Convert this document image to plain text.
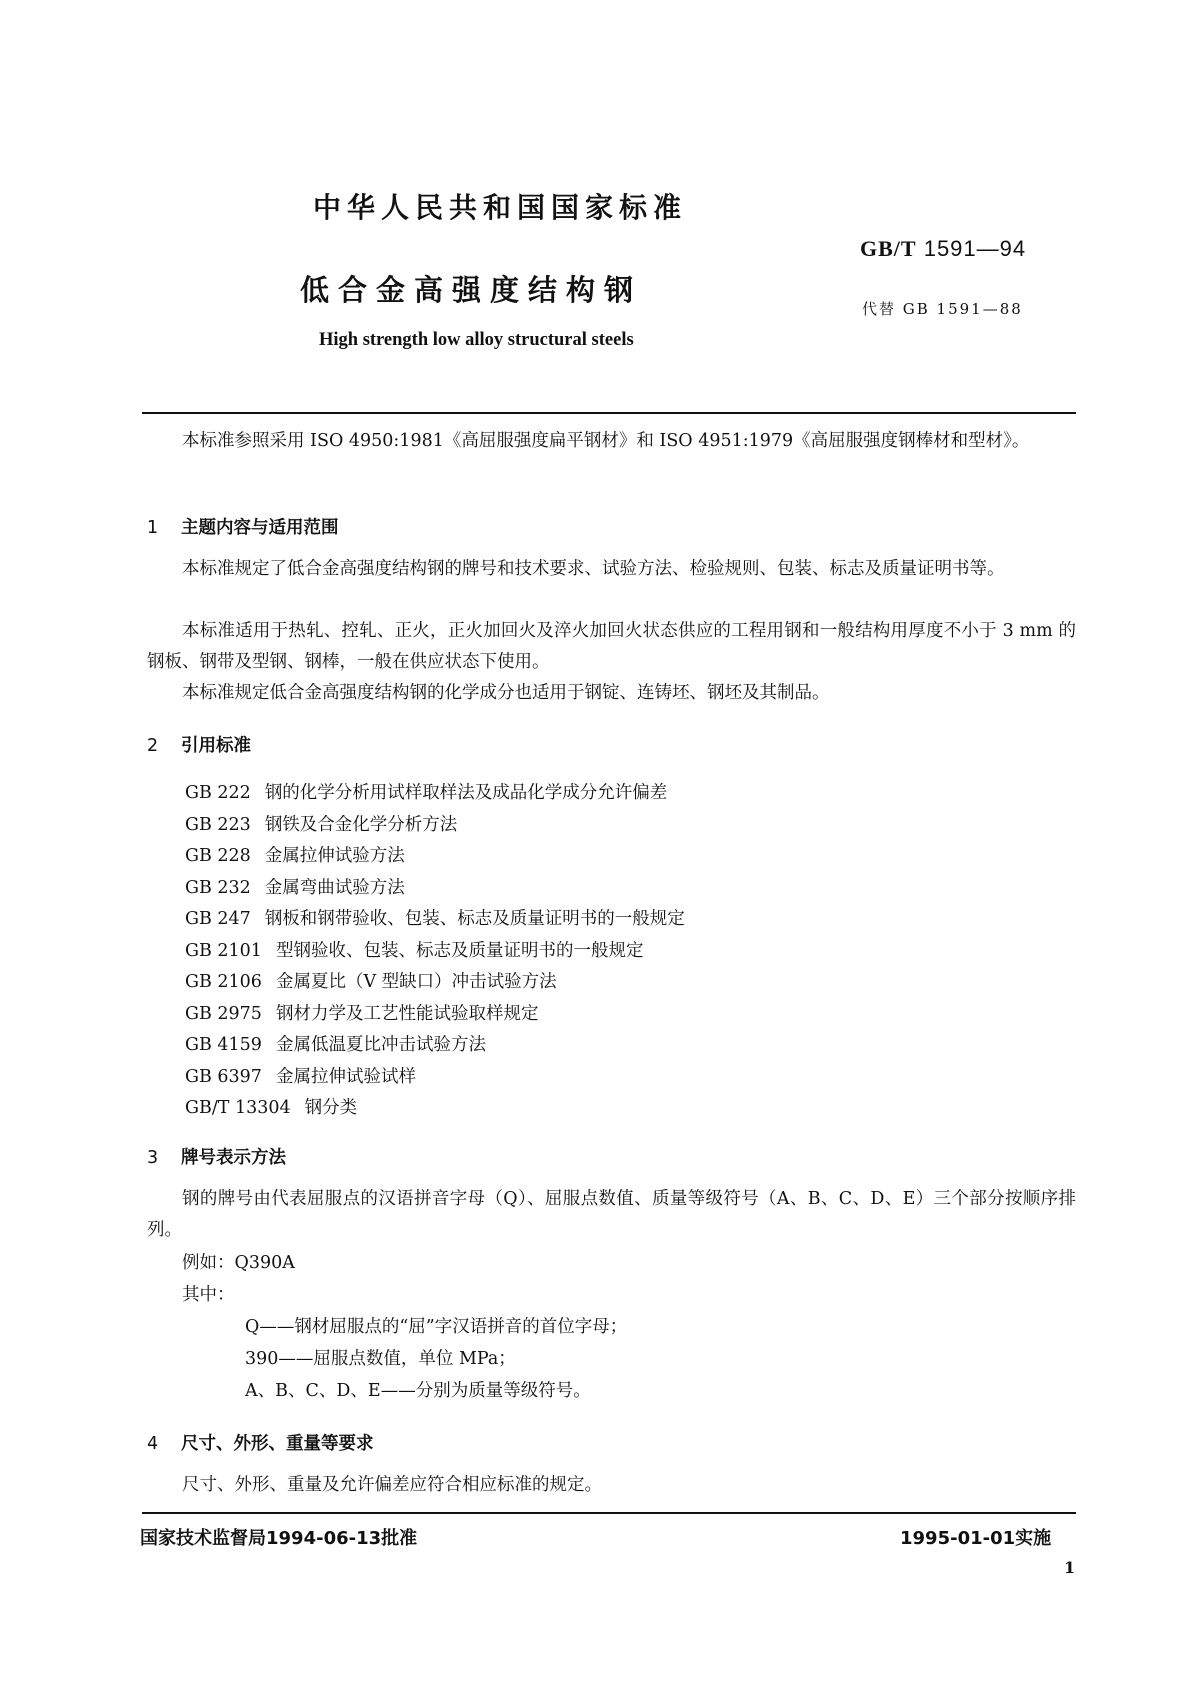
中华人民共和国国家标准
GB/T 1591—94
低合金高强度结构钢
代替 GB 1591—88
High strength low alloy structural steels
本标准参照采用 ISO 4950:1981《高屈服强度扁平钢材》和 ISO 4951:1979《高屈服强度钢棒材和型材》。
1 主题内容与适用范围
本标准规定了低合金高强度结构钢的牌号和技术要求、试验方法、检验规则、包装、标志及质量证明书等。
本标准适用于热轧、控轧、正火，正火加回火及淬火加回火状态供应的工程用钢和一般结构用厚度不小于 3 mm 的钢板、钢带及型钢、钢棒，一般在供应状态下使用。
本标准规定低合金高强度结构钢的化学成分也适用于钢锭、连铸坯、钢坯及其制品。
2 引用标准
GB 222 钢的化学分析用试样取样法及成品化学成分允许偏差
GB 223 钢铁及合金化学分析方法
GB 228 金属拉伸试验方法
GB 232 金属弯曲试验方法
GB 247 钢板和钢带验收、包装、标志及质量证明书的一般规定
GB 2101 型钢验收、包装、标志及质量证明书的一般规定
GB 2106 金属夏比（V 型缺口）冲击试验方法
GB 2975 钢材力学及工艺性能试验取样规定
GB 4159 金属低温夏比冲击试验方法
GB 6397 金属拉伸试验试样
GB/T 13304 钢分类
3 牌号表示方法
钢的牌号由代表屈服点的汉语拼音字母（Q）、屈服点数值、质量等级符号（A、B、C、D、E）三个部分按顺序排列。
例如：Q390A
其中：
Q——钢材屈服点的“屈”字汉语拼音的首位字母；
390——屈服点数值，单位 MPa；
A、B、C、D、E——分别为质量等级符号。
4 尺寸、外形、重量等要求
尺寸、外形、重量及允许偏差应符合相应标准的规定。
国家技术监督局1994-06-13批准	1995-01-01实施
1
